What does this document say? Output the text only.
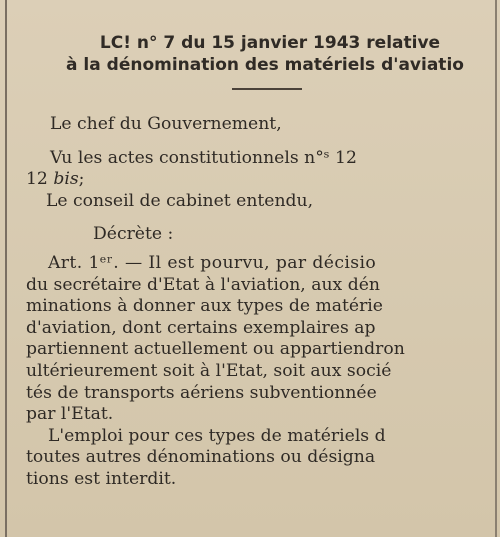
LC! n° 7 du 15 janvier 1943 relative
à la dénomination des matériels d'aviatio
Le chef du Gouvernement,
Vu les actes constitutionnels n°ˢ 12
12 bis;
Le conseil de cabinet entendu,
Décrète :
Art. 1ᵉʳ. — Il est pourvu, par décisio
du secrétaire d'Etat à l'aviation, aux dén
minations à donner aux types de matérie
d'aviation, dont certains exemplaires ap
partiennent actuellement ou appartiendron
ultérieurement soit à l'Etat, soit aux socié
tés de transports aériens subventionnée
par l'Etat.
L'emploi pour ces types de matériels d
toutes autres dénominations ou désigna
tions est interdit.
